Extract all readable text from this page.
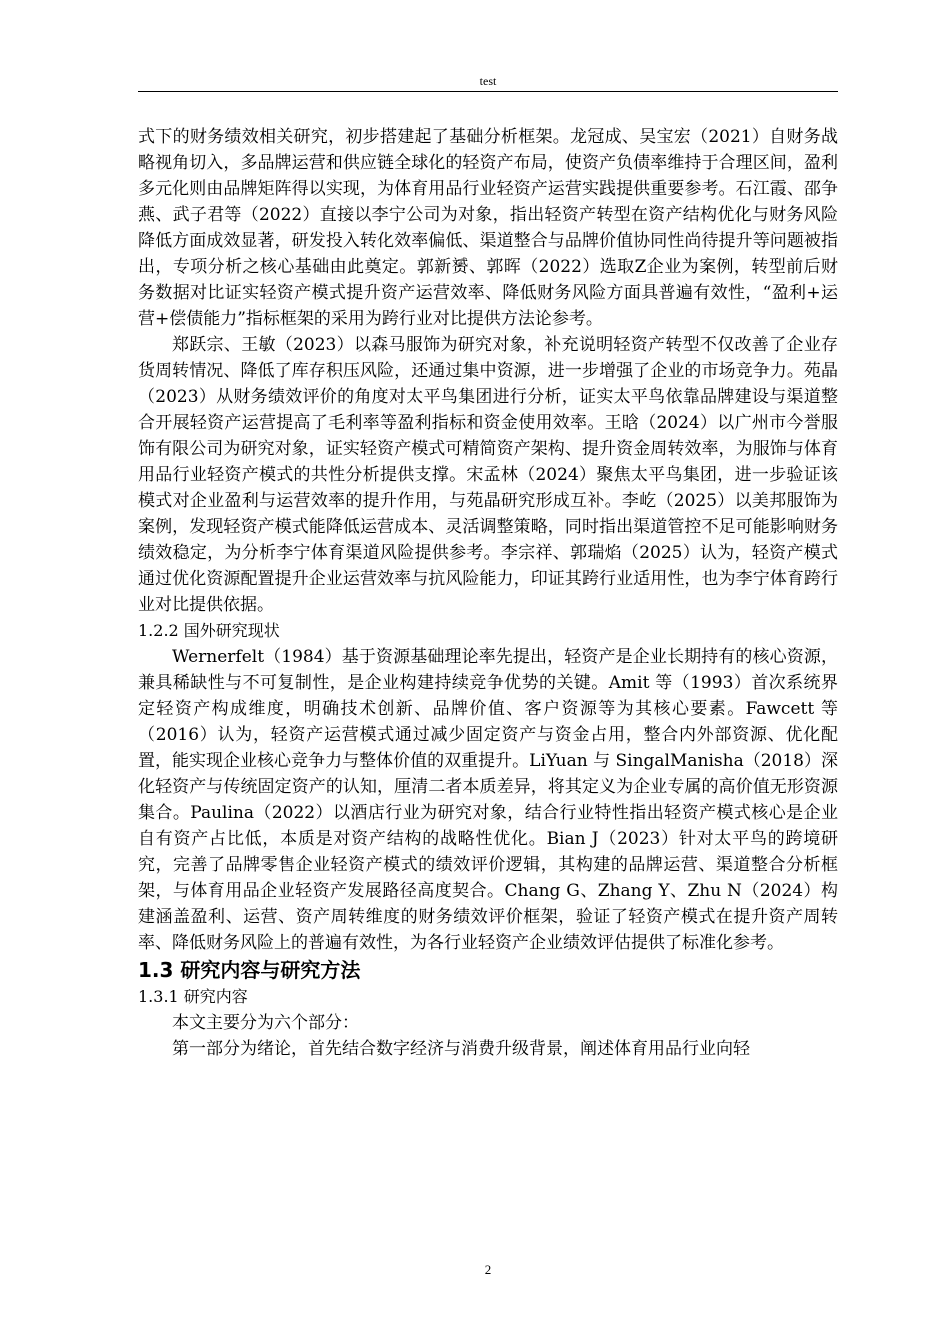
test

式下的财务绩效相关研究，初步搭建起了基础分析框架。龙冠成、吴宝宏（2021）自财务战略视角切入，多品牌运营和供应链全球化的轻资产布局，使资产负债率维持于合理区间，盈利多元化则由品牌矩阵得以实现，为体育用品行业轻资产运营实践提供重要参考。石江霞、邵争燕、武子君等（2022）直接以李宁公司为对象，指出轻资产转型在资产结构优化与财务风险降低方面成效显著，研发投入转化效率偏低、渠道整合与品牌价值协同性尚待提升等问题被指出，专项分析之核心基础由此奠定。郭新赟、郭晖（2022）选取Z企业为案例，转型前后财务数据对比证实轻资产模式提升资产运营效率、降低财务风险方面具普遍有效性，“盈利+运营+偿债能力”指标框架的采用为跨行业对比提供方法论参考。

郑跃宗、王敏（2023）以森马服饰为研究对象，补充说明轻资产转型不仅改善了企业存货周转情况、降低了库存积压风险，还通过集中资源，进一步增强了企业的市场竞争力。苑晶（2023）从财务绩效评价的角度对太平鸟集团进行分析，证实太平鸟依靠品牌建设与渠道整合开展轻资产运营提高了毛利率等盈利指标和资金使用效率。王晗（2024）以广州市今誉服饰有限公司为研究对象，证实轻资产模式可精简资产架构、提升资金周转效率，为服饰与体育用品行业轻资产模式的共性分析提供支撑。宋孟林（2024）聚焦太平鸟集团，进一步验证该模式对企业盈利与运营效率的提升作用，与苑晶研究形成互补。李屹（2025）以美邦服饰为案例，发现轻资产模式能降低运营成本、灵活调整策略，同时指出渠道管控不足可能影响财务绩效稳定，为分析李宁体育渠道风险提供参考。李宗祥、郭瑞焰（2025）认为，轻资产模式通过优化资源配置提升企业运营效率与抗风险能力，印证其跨行业适用性，也为李宁体育跨行业对比提供依据。

1.2.2 国外研究现状

Wernerfelt（1984）基于资源基础理论率先提出，轻资产是企业长期持有的核心资源，兼具稀缺性与不可复制性，是企业构建持续竞争优势的关键。Amit 等（1993）首次系统界定轻资产构成维度，明确技术创新、品牌价值、客户资源等为其核心要素。Fawcett 等（2016）认为，轻资产运营模式通过减少固定资产与资金占用，整合内外部资源、优化配置，能实现企业核心竞争力与整体价值的双重提升。LiYuan 与 SingalManisha（2018）深化轻资产与传统固定资产的认知，厘清二者本质差异，将其定义为企业专属的高价值无形资源集合。Paulina（2022）以酒店行业为研究对象，结合行业特性指出轻资产模式核心是企业自有资产占比低，本质是对资产结构的战略性优化。Bian J（2023）针对太平鸟的跨境研究，完善了品牌零售企业轻资产模式的绩效评价逻辑，其构建的品牌运营、渠道整合分析框架，与体育用品企业轻资产发展路径高度契合。Chang G、Zhang Y、Zhu N（2024）构建涵盖盈利、运营、资产周转维度的财务绩效评价框架，验证了轻资产模式在提升资产周转率、降低财务风险上的普遍有效性，为各行业轻资产企业绩效评估提供了标准化参考。

1.3 研究内容与研究方法

1.3.1 研究内容

本文主要分为六个部分：

第一部分为绪论，首先结合数字经济与消费升级背景，阐述体育用品行业向轻

2
